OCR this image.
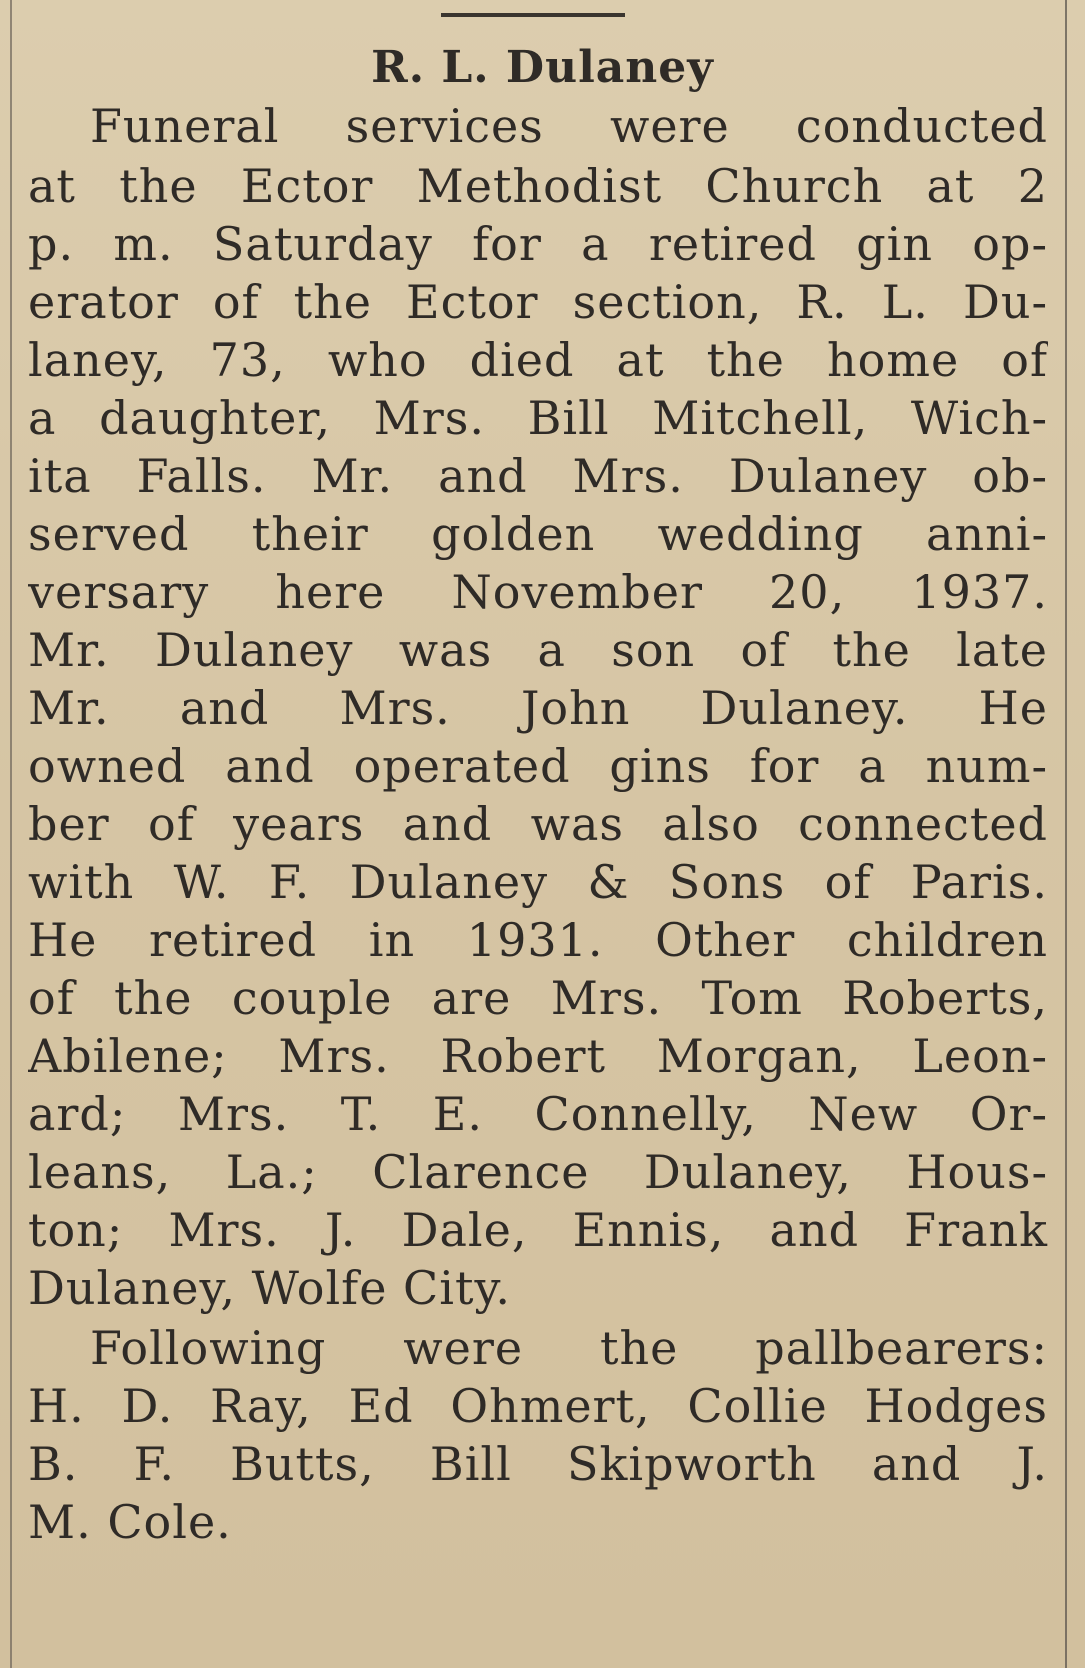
R. L. Dulaney
Funeral services were conducted
at the Ector Methodist Church at 2
p. m. Saturday for a retired gin op-
erator of the Ector section, R. L. Du-
laney, 73, who died at the home of
a daughter, Mrs. Bill Mitchell, Wich-
ita Falls. Mr. and Mrs. Dulaney ob-
served their golden wedding anni-
versary here November 20, 1937.
Mr. Dulaney was a son of the late
Mr. and Mrs. John Dulaney. He
owned and operated gins for a num-
ber of years and was also connected
with W. F. Dulaney & Sons of Paris.
He retired in 1931. Other children
of the couple are Mrs. Tom Roberts,
Abilene; Mrs. Robert Morgan, Leon-
ard; Mrs. T. E. Connelly, New Or-
leans, La.; Clarence Dulaney, Hous-
ton; Mrs. J. Dale, Ennis, and Frank
Dulaney, Wolfe City.
Following were the pallbearers:
H. D. Ray, Ed Ohmert, Collie Hodges
B. F. Butts, Bill Skipworth and J.
M. Cole.
